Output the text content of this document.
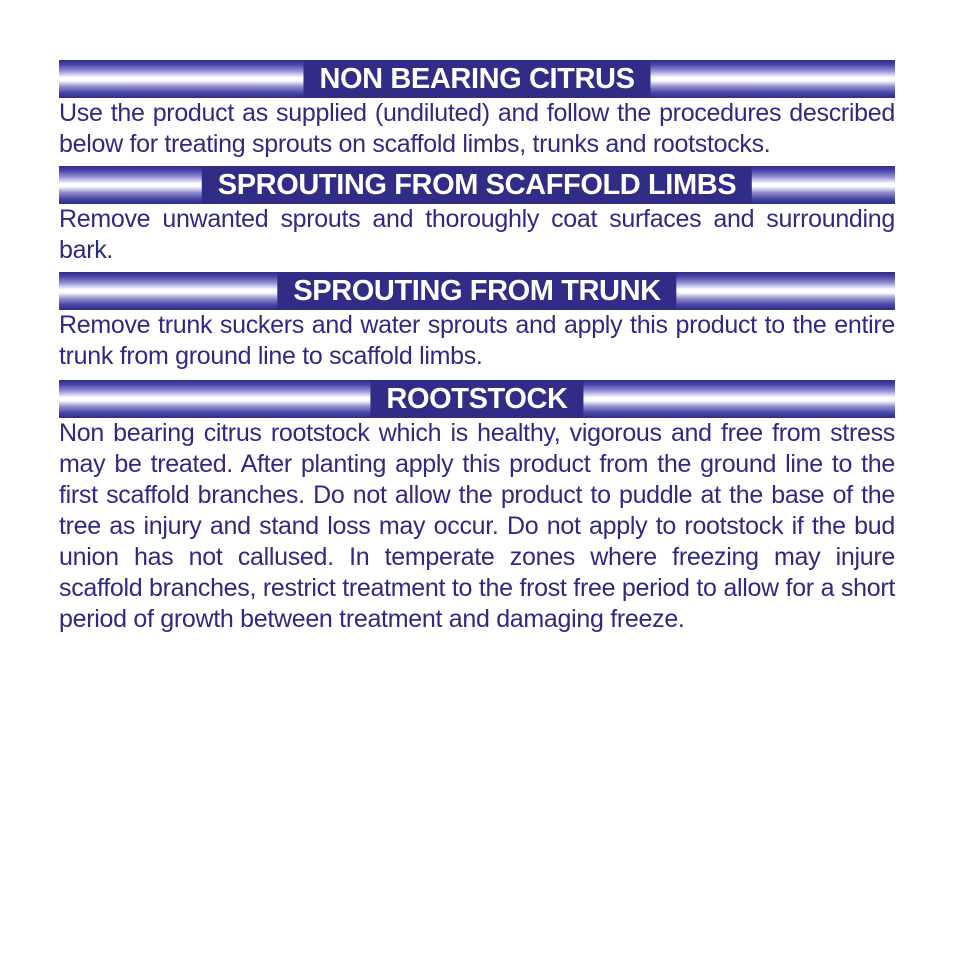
NON BEARING CITRUS

Use the product as supplied (undiluted) and follow the procedures described below for treating sprouts on scaffold limbs, trunks and rootstocks.

SPROUTING FROM SCAFFOLD LIMBS

Remove unwanted sprouts and thoroughly coat surfaces and surrounding bark.

SPROUTING FROM TRUNK

Remove trunk suckers and water sprouts and apply this product to the entire trunk from ground line to scaffold limbs.

ROOTSTOCK

Non bearing citrus rootstock which is healthy, vigorous and free from stress may be treated. After planting apply this product from the ground line to the first scaffold branches. Do not allow the product to puddle at the base of the tree as injury and stand loss may occur. Do not apply to rootstock if the bud union has not callused. In temperate zones where freezing may injure scaffold branches, restrict treatment to the frost free period to allow for a short period of growth between treatment and damaging freeze.
